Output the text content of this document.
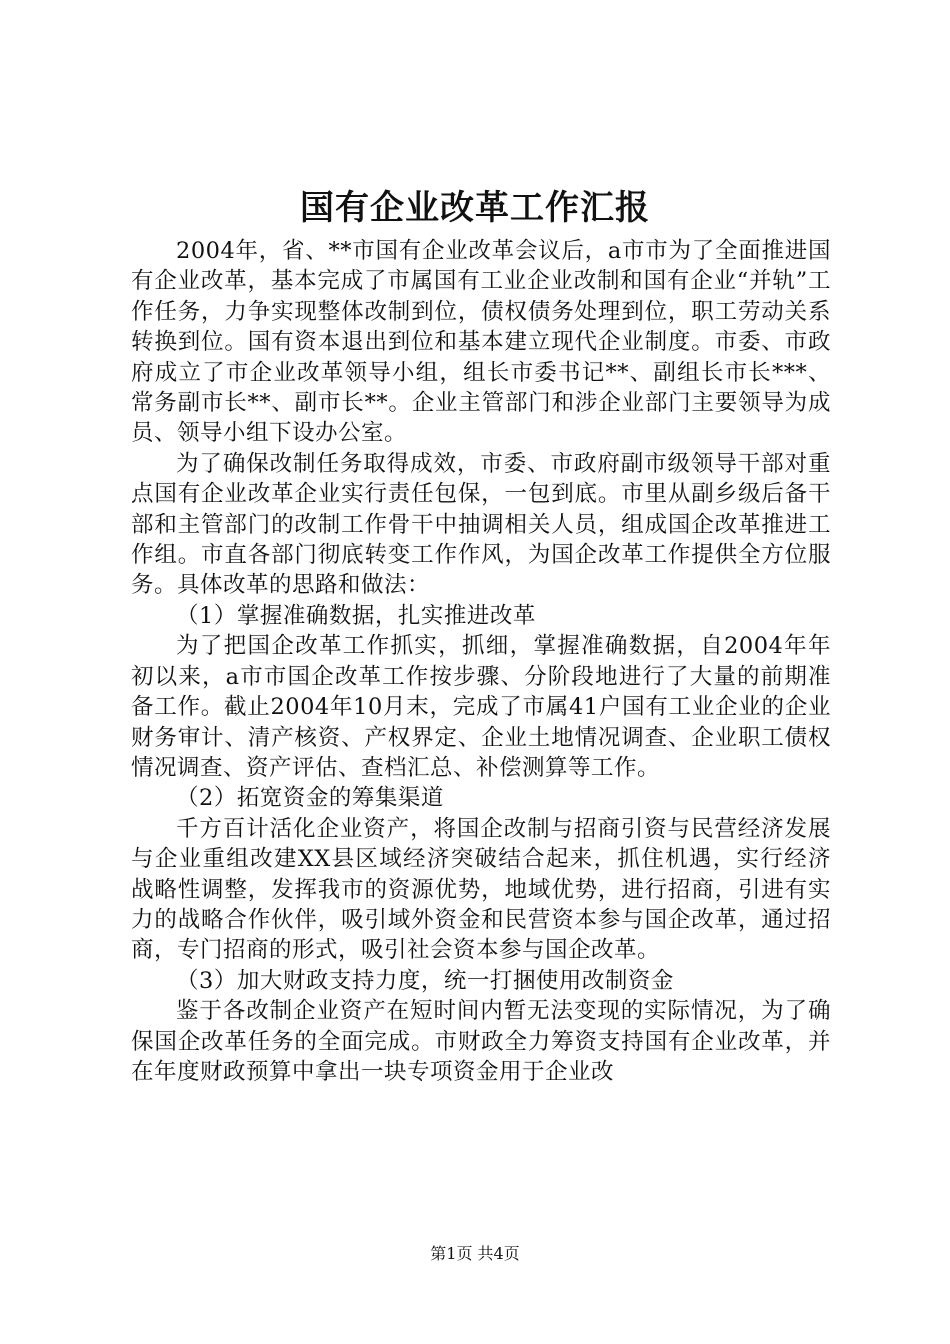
国有企业改革工作汇报

2004年，省、**市国有企业改革会议后，a市市为了全面推进国有企业改革，基本完成了市属国有工业企业改制和国有企业“并轨”工作任务，力争实现整体改制到位，债权债务处理到位，职工劳动关系转换到位。国有资本退出到位和基本建立现代企业制度。市委、市政府成立了市企业改革领导小组，组长市委书记**、副组长市长***、常务副市长**、副市长**。企业主管部门和涉企业部门主要领导为成员、领导小组下设办公室。

为了确保改制任务取得成效，市委、市政府副市级领导干部对重点国有企业改革企业实行责任包保，一包到底。市里从副乡级后备干部和主管部门的改制工作骨干中抽调相关人员，组成国企改革推进工作组。市直各部门彻底转变工作作风，为国企改革工作提供全方位服务。具体改革的思路和做法：

（1）掌握准确数据，扎实推进改革

为了把国企改革工作抓实，抓细，掌握准确数据，自2004年年初以来，a市市国企改革工作按步骤、分阶段地进行了大量的前期准备工作。截止2004年10月末，完成了市属41户国有工业企业的企业财务审计、清产核资、产权界定、企业土地情况调查、企业职工债权情况调查、资产评估、查档汇总、补偿测算等工作。

（2）拓宽资金的筹集渠道

千方百计活化企业资产，将国企改制与招商引资与民营经济发展与企业重组改建XX县区域经济突破结合起来，抓住机遇，实行经济战略性调整，发挥我市的资源优势，地域优势，进行招商，引进有实力的战略合作伙伴，吸引域外资金和民营资本参与国企改革，通过招商，专门招商的形式，吸引社会资本参与国企改革。

（3）加大财政支持力度，统一打捆使用改制资金

鉴于各改制企业资产在短时间内暂无法变现的实际情况，为了确保国企改革任务的全面完成。市财政全力筹资支持国有企业改革，并在年度财政预算中拿出一块专项资金用于企业改

第1页 共4页
